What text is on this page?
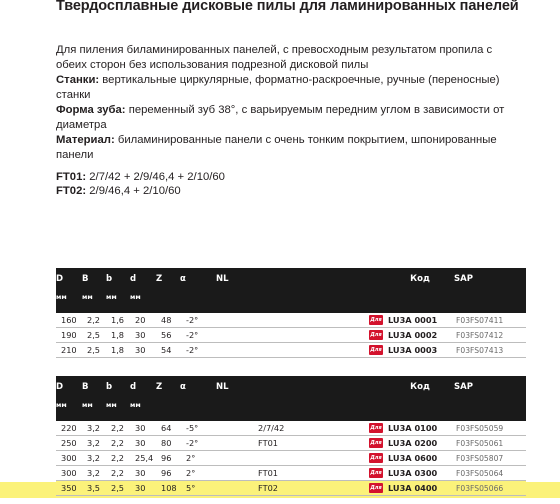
Твердосплавные дисковые пилы для ламинированных панелей

Для пиления биламинированных панелей, с превосходным результатом пропила с обеих сторон без использования подрезной дисковой пилы

Станки: вертикальные циркулярные, форматно-раскроечные, ручные (переносные) станки

Форма зуба: переменный зуб 38°, с варьируемым передним углом в зависимости от диаметра

Материал: биламинированные панели с очень тонким покрытием, шпонированные панели

FT01: 2/7/42 + 2/9/46,4 + 2/10/60

FT02: 2/9/46,4 + 2/10/60

D	B	b	d	Z	α	NL		Код	SAP
мм	мм	мм	мм						
160	2,2	1,6	20	48	-2°		Для	LU3A 0001	F03FS07411
190	2,5	1,8	30	56	-2°		Для	LU3A 0002	F03FS07412
210	2,5	1,8	30	54	-2°		Для	LU3A 0003	F03FS07413
D	B	b	d	Z	α	NL		Код	SAP
мм	мм	мм	мм						
220	3,2	2,2	30	64	-5°	2/7/42	Для	LU3A 0100	F03FS05059
250	3,2	2,2	30	80	-2°	FT01	Для	LU3A 0200	F03FS05061
300	3,2	2,2	25,4	96	2°		Для	LU3A 0600	F03FS05807
300	3,2	2,2	30	96	2°	FT01	Для	LU3A 0300	F03FS05064
350	3,5	2,5	30	108	5°	FT02	Для	LU3A 0400	F03FS05066
